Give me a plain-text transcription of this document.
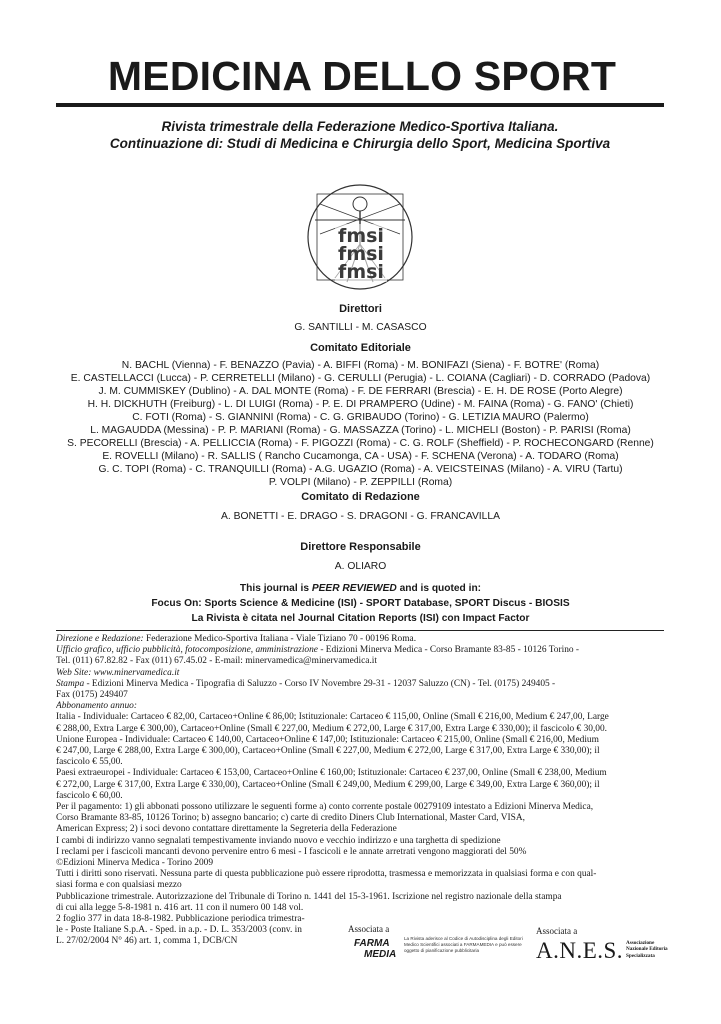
MEDICINA DELLO SPORT
Rivista trimestrale della Federazione Medico-Sportiva Italiana.
Continuazione di: Studi di Medicina e Chirurgia dello Sport, Medicina Sportiva
fmsi
fmsi
fmsi
Direttori
G. SANTILLI - M. CASASCO
Comitato Editoriale
N. BACHL (Vienna) - F. BENAZZO (Pavia) - A. BIFFI (Roma) - M. BONIFAZI (Siena) - F. BOTRE' (Roma)
E. CASTELLACCI (Lucca) - P. CERRETELLI (Milano) - G. CERULLI (Perugia) - L. COIANA (Cagliari) - D. CORRADO (Padova)
J. M. CUMMISKEY (Dublino) - A. DAL MONTE (Roma) - F. DE FERRARI (Brescia) - E. H. DE ROSE (Porto Alegre)
H. H. DICKHUTH (Freiburg) - L. DI LUIGI (Roma) - P. E. DI PRAMPERO (Udine) - M. FAINA (Roma) - G. FANO' (Chieti)
C. FOTI (Roma) - S. GIANNINI (Roma) - C. G. GRIBAUDO (Torino) - G. LETIZIA MAURO (Palermo)
L. MAGAUDDA (Messina) - P. P. MARIANI (Roma) - G. MASSAZZA (Torino) - L. MICHELI (Boston) - P. PARISI (Roma)
S. PECORELLI (Brescia) - A. PELLICCIA (Roma) - F. PIGOZZI (Roma) - C. G. ROLF (Sheffield) - P. ROCHECONGARD (Renne)
E. ROVELLI (Milano) - R. SALLIS ( Rancho Cucamonga, CA - USA) - F. SCHENA (Verona) - A. TODARO (Roma)
G. C. TOPI (Roma) - C. TRANQUILLI (Roma) - A.G. UGAZIO (Roma) - A. VEICSTEINAS (Milano) - A. VIRU (Tartu)
P. VOLPI (Milano) - P. ZEPPILLI (Roma)
Comitato di Redazione
A. BONETTI - E. DRAGO - S. DRAGONI - G. FRANCAVILLA
Direttore Responsabile
A. OLIARO
This journal is PEER REVIEWED and is quoted in:
Focus On: Sports Science & Medicine (ISI) - SPORT Database, SPORT Discus - BIOSIS
La Rivista è citata nel Journal Citation Reports (ISI) con Impact Factor
Direzione e Redazione: Federazione Medico-Sportiva Italiana - Viale Tiziano 70 - 00196 Roma.
Ufficio grafico, ufficio pubblicità, fotocomposizione, amministrazione - Edizioni Minerva Medica - Corso Bramante 83-85 - 10126 Torino -
Tel. (011) 67.82.82 - Fax (011) 67.45.02 - E-mail: minervamedica@minervamedica.it
Web Site: www.minervamedica.it
Stampa - Edizioni Minerva Medica - Tipografia di Saluzzo - Corso IV Novembre 29-31 - 12037 Saluzzo (CN) - Tel. (0175) 249405 -
Fax (0175) 249407
Abbonamento annuo:
Italia - Individuale: Cartaceo € 82,00, Cartaceo+Online € 86,00; Istituzionale: Cartaceo € 115,00, Online (Small € 216,00, Medium € 247,00, Large
€ 288,00, Extra Large € 300,00), Cartaceo+Online (Small € 227,00, Medium € 272,00, Large € 317,00, Extra Large € 330,00); il fascicolo € 30,00.
Unione Europea - Individuale: Cartaceo € 140,00, Cartaceo+Online € 147,00; Istituzionale: Cartaceo € 215,00, Online (Small € 216,00, Medium
€ 247,00, Large € 288,00, Extra Large € 300,00), Cartaceo+Online (Small € 227,00, Medium € 272,00, Large € 317,00, Extra Large € 330,00); il
fascicolo € 55,00.
Paesi extraeuropei - Individuale: Cartaceo € 153,00, Cartaceo+Online € 160,00; Istituzionale: Cartaceo € 237,00, Online (Small € 238,00, Medium
€ 272,00, Large € 317,00, Extra Large € 330,00), Cartaceo+Online (Small € 249,00, Medium € 299,00, Large € 349,00, Extra Large € 360,00); il
fascicolo € 60,00.
Per il pagamento: 1) gli abbonati possono utilizzare le seguenti forme a) conto corrente postale 00279109 intestato a Edizioni Minerva Medica,
Corso Bramante 83-85, 10126 Torino; b) assegno bancario; c) carte di credito Diners Club International, Master Card, VISA,
American Express; 2) i soci devono contattare direttamente la Segreteria della Federazione
I cambi di indirizzo vanno segnalati tempestivamente inviando nuovo e vecchio indirizzo e una targhetta di spedizione
I reclami per i fascicoli mancanti devono pervenire entro 6 mesi - I fascicoli e le annate arretrati vengono maggiorati del 50%
©Edizioni Minerva Medica - Torino 2009
Tutti i diritti sono riservati. Nessuna parte di questa pubblicazione può essere riprodotta, trasmessa e memorizzata in qualsiasi forma e con qual-
siasi forma e con qualsiasi mezzo
Pubblicazione trimestrale. Autorizzazione del Tribunale di Torino n. 1441 del 15-3-1961. Iscrizione nel registro nazionale della stampa
di cui alla legge 5-8-1981 n. 416 art. 11 con il numero 00 148 vol.
2 foglio 377 in data 18-8-1982. Pubblicazione periodica trimestra-
le - Poste Italiane S.p.A. - Sped. in a.p. - D. L. 353/2003 (conv. in
L. 27/02/2004 N° 46) art. 1, comma 1, DCB/CN
Associata a
FARMA
MEDIA
La Rivista aderisce al Codice di Autodisciplina degli Editori Medico Scientifici associati a FARMAMEDIA e può essere oggetto di pianificazione pubblicitaria
Associata a
A.N.E.S. Associazione Nazionale Editoria Specializzata
